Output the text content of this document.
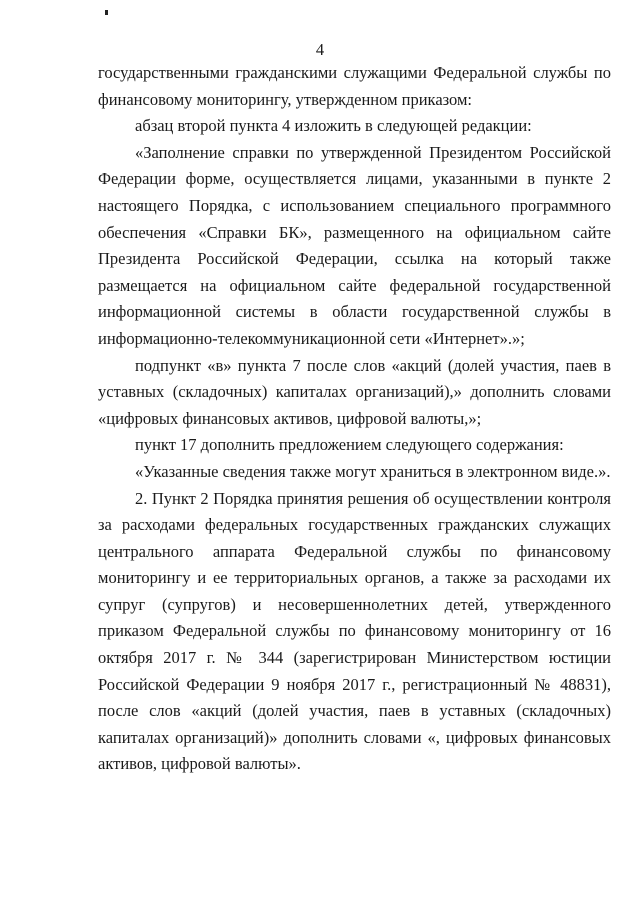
4

государственными гражданскими служащими Федеральной службы по финансовому мониторингу, утвержденном приказом:

абзац второй пункта 4 изложить в следующей редакции:

«Заполнение справки по утвержденной Президентом Российской Федерации форме, осуществляется лицами, указанными в пункте 2 настоящего Порядка, с использованием специального программного обеспечения «Справки БК», размещенного на официальном сайте Президента Российской Федерации, ссылка на который также размещается на официальном сайте федеральной государственной информационной системы в области государственной службы в информационно-телекоммуникационной сети «Интернет».»;

подпункт «в» пункта 7 после слов «акций (долей участия, паев в уставных (складочных) капиталах организаций),» дополнить словами «цифровых финансовых активов, цифровой валюты,»;

пункт 17 дополнить предложением следующего содержания:

«Указанные сведения также могут храниться в электронном виде.».

2. Пункт 2 Порядка принятия решения об осуществлении контроля за расходами федеральных государственных гражданских служащих центрального аппарата Федеральной службы по финансовому мониторингу и ее территориальных органов, а также за расходами их супруг (супругов) и несовершеннолетних детей, утвержденного приказом Федеральной службы по финансовому мониторингу от 16 октября 2017 г. № 344 (зарегистрирован Министерством юстиции Российской Федерации 9 ноября 2017 г., регистрационный № 48831), после слов «акций (долей участия, паев в уставных (складочных) капиталах организаций)» дополнить словами «, цифровых финансовых активов, цифровой валюты».
